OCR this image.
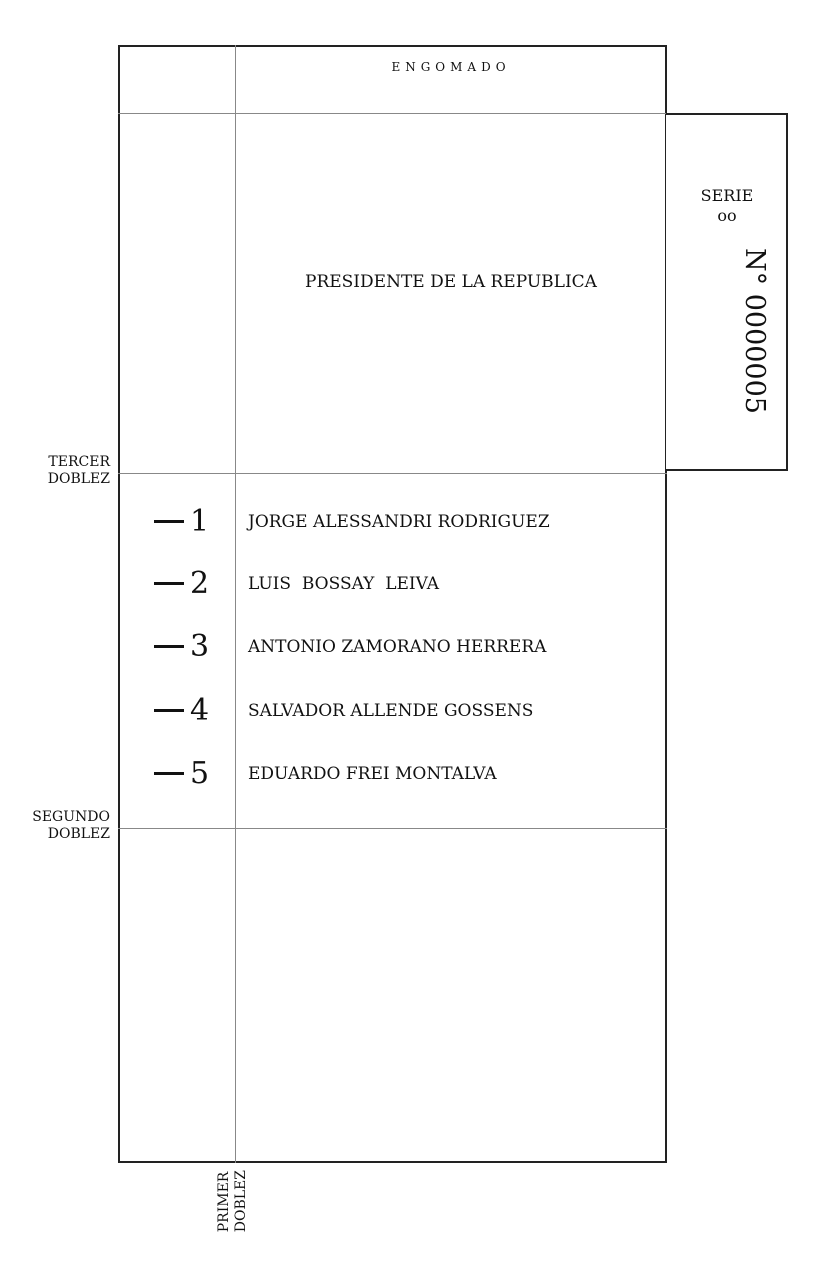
ENGOMADO
PRESIDENTE DE LA REPUBLICA
SERIE
oo
N° 0000005
TERCER
DOBLEZ
SEGUNDO
DOBLEZ
PRIMER DOBLEZ
1	JORGE ALESSANDRI RODRIGUEZ
2	LUIS  BOSSAY  LEIVA
3	ANTONIO ZAMORANO HERRERA
4	SALVADOR ALLENDE GOSSENS
5	EDUARDO FREI MONTALVA
